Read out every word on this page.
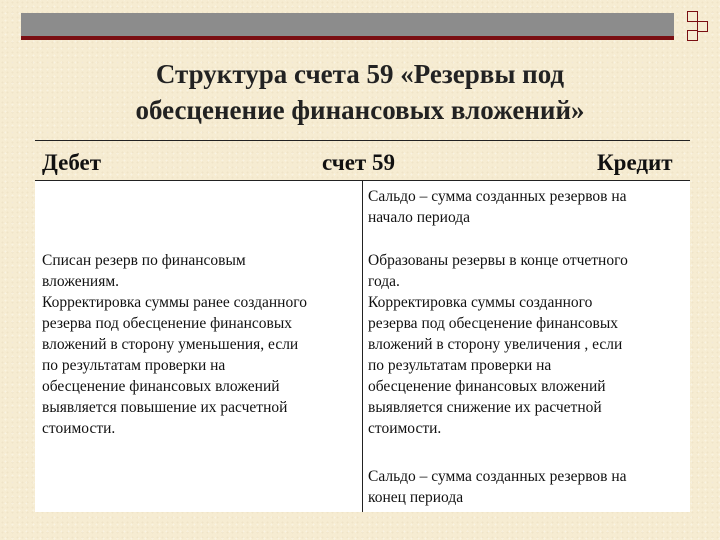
Структура счета 59 «Резервы под
обесценение финансовых вложений»
Дебет	счет 59	Кредит
Сальдо – сумма созданных резервов на
начало периода
Списан резерв по финансовым
вложениям.
Корректировка суммы ранее созданного
резерва под обесценение финансовых
вложений в сторону уменьшения, если
по результатам проверки на
обесценение финансовых вложений
выявляется повышение их расчетной
стоимости.
Образованы резервы в конце отчетного
года.
Корректировка суммы созданного
резерва под обесценение финансовых
вложений в сторону увеличения , если
по результатам проверки на
обесценение финансовых вложений
выявляется снижение их расчетной
стоимости.
Сальдо – сумма созданных резервов на
конец периода
